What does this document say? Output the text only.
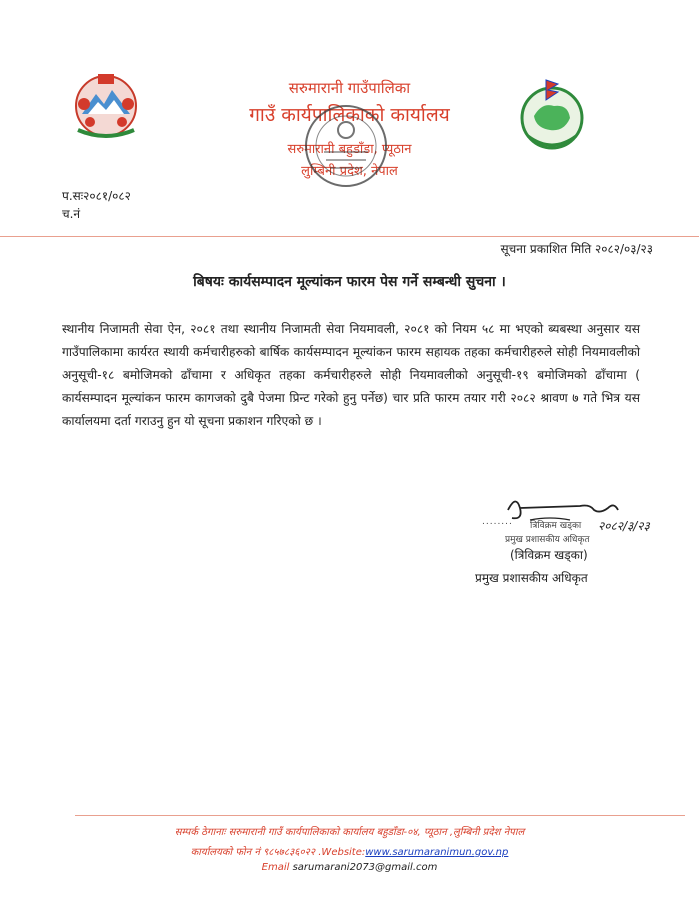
सरुमारानी गाउँपालिका
गाउँ कार्यपालिकाको कार्यालय
सरुमारानी बहुडाँडा, प्यूठान
लुम्बिनी प्रदेश, नेपाल
प.सः२०८१/०८२
च.नं
सूचना प्रकाशित मिति २०८२/०३/२३
बिषयः कार्यसम्पादन मूल्यांकन फारम पेस गर्ने सम्बन्धी सुचना ।
स्थानीय निजामती सेवा ऐन, २०८१ तथा स्थानीय निजामती सेवा नियमावली, २०८१ को नियम ५८ मा भएको ब्यबस्था अनुसार यस गाउँपालिकामा कार्यरत स्थायी कर्मचारीहरुको बार्षिक कार्यसम्पादन मूल्यांकन फारम सहायक तहका कर्मचारीहरुले सोही नियमावलीको अनुसूची-१८ बमोजिमको ढाँचामा र अधिकृत तहका कर्मचारीहरुले सोही नियमावलीको अनुसूची-१९ बमोजिमको ढाँचामा ( कार्यसम्पादन मूल्यांकन फारम कागजको दुबै पेजमा प्रिन्ट गरेको हुनु पर्नेछ) चार प्रति फारम तयार गरी २०८२ श्रावण ७ गते भित्र यस कार्यालयमा दर्ता गराउनु हुन यो सूचना प्रकाशन गरिएको छ ।
२०८२/३/२३
........ त्रिविक्रम खड्का
प्रमुख प्रशासकीय अधिकृत
(त्रिविक्रम खड्का)
प्रमुख प्रशासकीय अधिकृत
सम्पर्क ठेगानाः सरुमारानी गाउँ कार्यपालिकाको कार्यालय बहुडाँडा-०४, प्यूठान ,लुम्बिनी प्रदेश नेपाल
कार्यालयको फोन नं ९८५७८३६०२२ .Website:www.sarumaranimun.gov.np
Email sarumarani2073@gmail.com
